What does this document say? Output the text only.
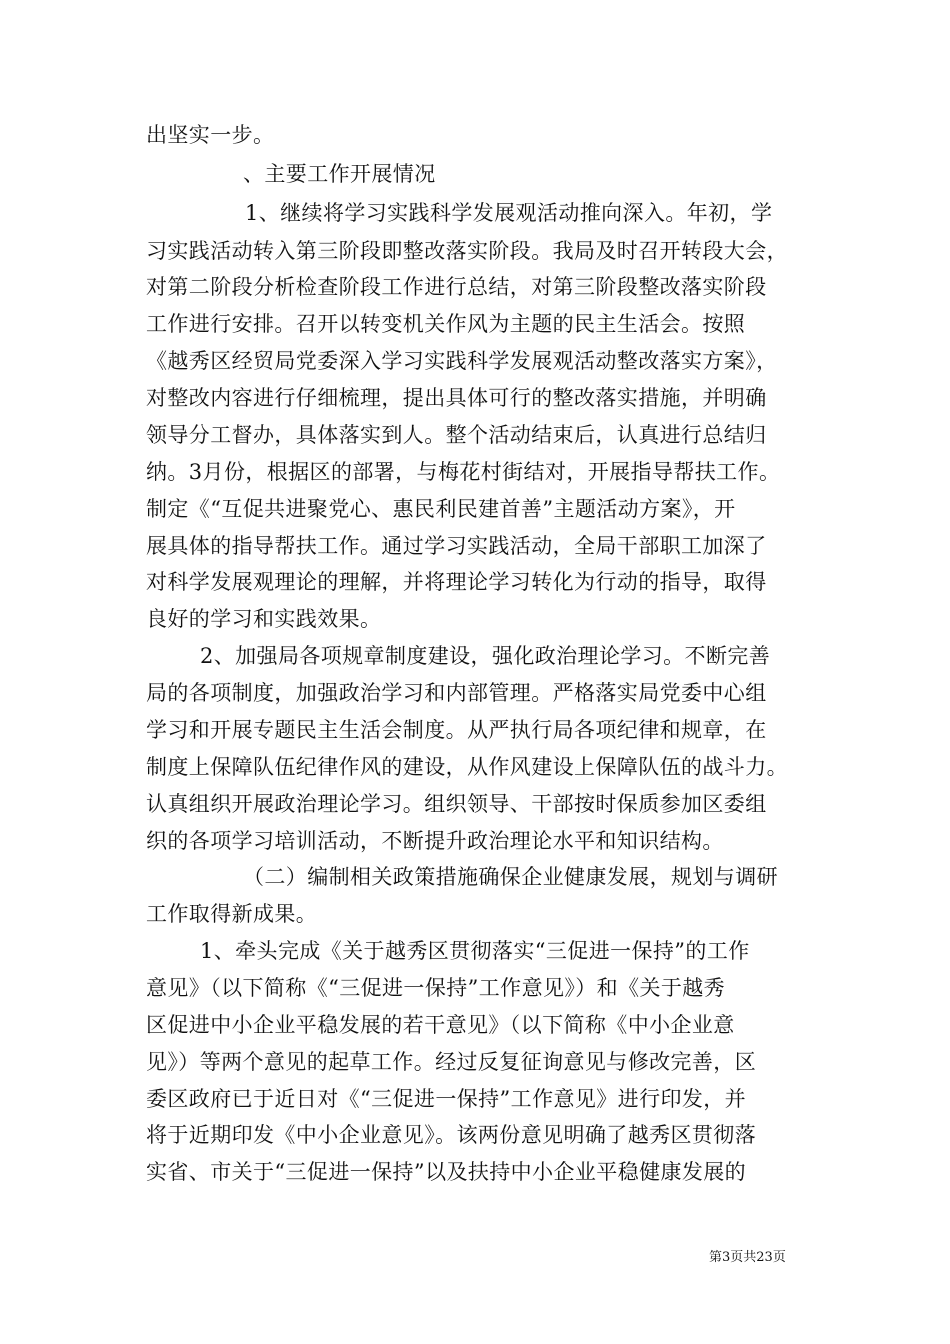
出坚实一步。
、主要工作开展情况
1、继续将学习实践科学发展观活动推向深入。年初，学
习实践活动转入第三阶段即整改落实阶段。我局及时召开转段大会，
对第二阶段分析检查阶段工作进行总结，对第三阶段整改落实阶段
工作进行安排。召开以转变机关作风为主题的民主生活会。按照
《越秀区经贸局党委深入学习实践科学发展观活动整改落实方案》，
对整改内容进行仔细梳理，提出具体可行的整改落实措施，并明确
领导分工督办，具体落实到人。整个活动结束后，认真进行总结归
纳。3月份，根据区的部署，与梅花村街结对，开展指导帮扶工作。
制定《“互促共进聚党心、惠民利民建首善”主题活动方案》，开
展具体的指导帮扶工作。通过学习实践活动，全局干部职工加深了
对科学发展观理论的理解，并将理论学习转化为行动的指导，取得
良好的学习和实践效果。
2、加强局各项规章制度建设，强化政治理论学习。不断完善
局的各项制度，加强政治学习和内部管理。严格落实局党委中心组
学习和开展专题民主生活会制度。从严执行局各项纪律和规章，在
制度上保障队伍纪律作风的建设，从作风建设上保障队伍的战斗力。
认真组织开展政治理论学习。组织领导、干部按时保质参加区委组
织的各项学习培训活动，不断提升政治理论水平和知识结构。
（二）编制相关政策措施确保企业健康发展，规划与调研
工作取得新成果。
1、牵头完成《关于越秀区贯彻落实“三促进一保持”的工作
意见》（以下简称《“三促进一保持”工作意见》）和《关于越秀
区促进中小企业平稳发展的若干意见》（以下简称《中小企业意
见》）等两个意见的起草工作。经过反复征询意见与修改完善，区
委区政府已于近日对《“三促进一保持”工作意见》进行印发，并
将于近期印发《中小企业意见》。该两份意见明确了越秀区贯彻落
实省、市关于“三促进一保持”以及扶持中小企业平稳健康发展的
第3页共23页
